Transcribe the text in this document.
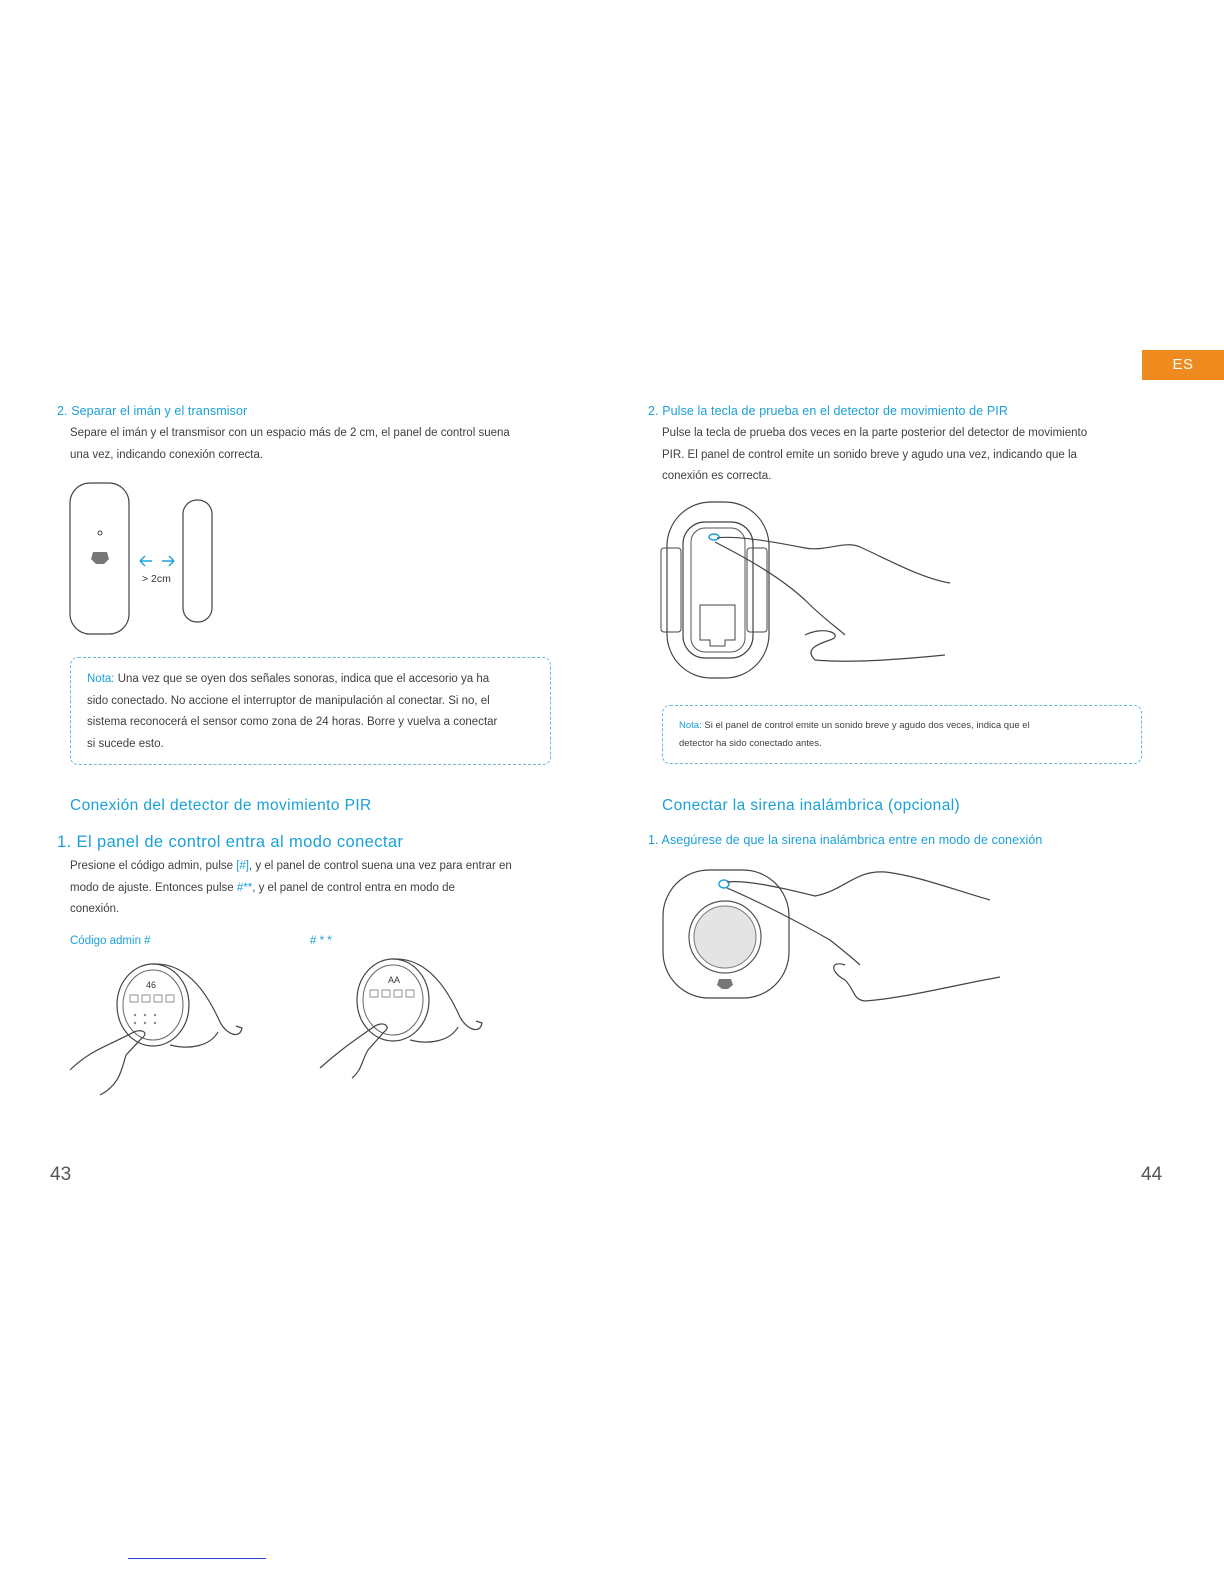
ES
2. Separar el imán y el transmisor
Separe el imán y el transmisor con un espacio más de 2 cm, el panel de control suena
una vez, indicando conexión correcta.
> 2cm
Nota: Una vez que se oyen dos señales sonoras, indica que el accesorio ya ha
sido conectado. No accione el interruptor de manipulación al conectar. Si no, el
sistema reconocerá el sensor como zona de 24 horas. Borre y vuelva a conectar
si sucede esto.
Conexión del detector de movimiento PIR
1. El panel de control entra al modo conectar
Presione el código admin, pulse [#], y el panel de control suena una vez para entrar en
modo de ajuste. Entonces pulse #**, y el panel de control entra en modo de
conexión.
Código admin #	# * *
46	AA
43
2. Pulse la tecla de prueba en el detector de movimiento de PIR
Pulse la tecla de prueba dos veces en la parte posterior del detector de movimiento
PIR. El panel de control emite un sonido breve y agudo una vez, indicando que la
conexión es correcta.
Nota: Si el panel de control emite un sonido breve y agudo dos veces, indica que el
detector ha sido conectado antes.
Conectar la sirena inalámbrica (opcional)
1. Asegúrese de que la sirena inalámbrica entre en modo de conexión
44
